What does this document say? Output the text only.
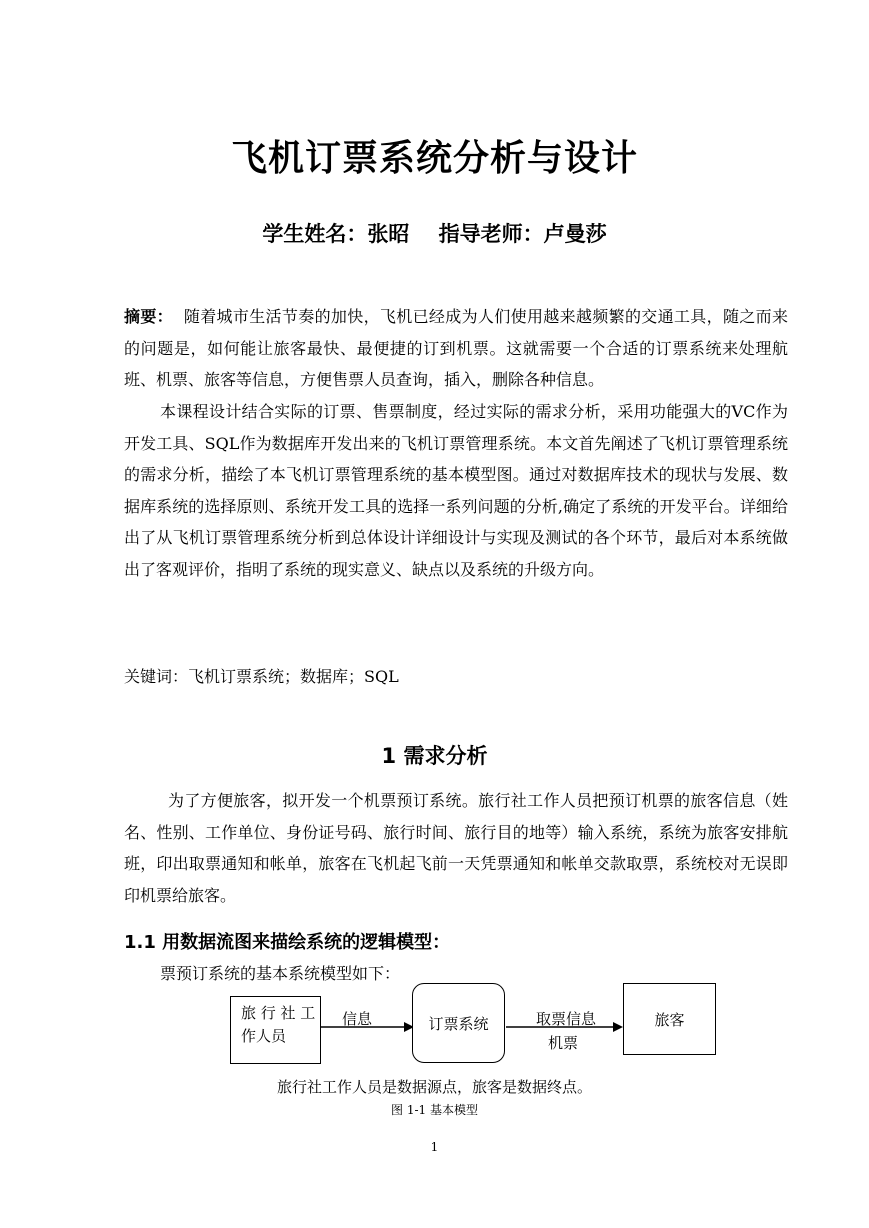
飞机订票系统分析与设计
学生姓名：张昭 指导老师：卢曼莎
摘要： 随着城市生活节奏的加快，飞机已经成为人们使用越来越频繁的交通工具，随之而来的问题是，如何能让旅客最快、最便捷的订到机票。这就需要一个合适的订票系统来处理航班、机票、旅客等信息，方便售票人员查询，插入，删除各种信息。
本课程设计结合实际的订票、售票制度，经过实际的需求分析，采用功能强大的VC作为开发工具、SQL作为数据库开发出来的飞机订票管理系统。本文首先阐述了飞机订票管理系统的需求分析，描绘了本飞机订票管理系统的基本模型图。通过对数据库技术的现状与发展、数据库系统的选择原则、系统开发工具的选择一系列问题的分析,确定了系统的开发平台。详细给出了从飞机订票管理系统分析到总体设计详细设计与实现及测试的各个环节，最后对本系统做出了客观评价，指明了系统的现实意义、缺点以及系统的升级方向。
关键词：飞机订票系统；数据库；SQL
1 需求分析
为了方便旅客，拟开发一个机票预订系统。旅行社工作人员把预订机票的旅客信息（姓名、性别、工作单位、身份证号码、旅行时间、旅行目的地等）输入系统，系统为旅客安排航班，印出取票通知和帐单，旅客在飞机起飞前一天凭票通知和帐单交款取票，系统校对无误即印机票给旅客。
1.1 用数据流图来描绘系统的逻辑模型：
票预订系统的基本系统模型如下：
旅 行 社 工
作人员
信息	订票系统	取票信息
机票
旅客
旅行社工作人员是数据源点，旅客是数据终点。
图 1-1 基本模型
1
